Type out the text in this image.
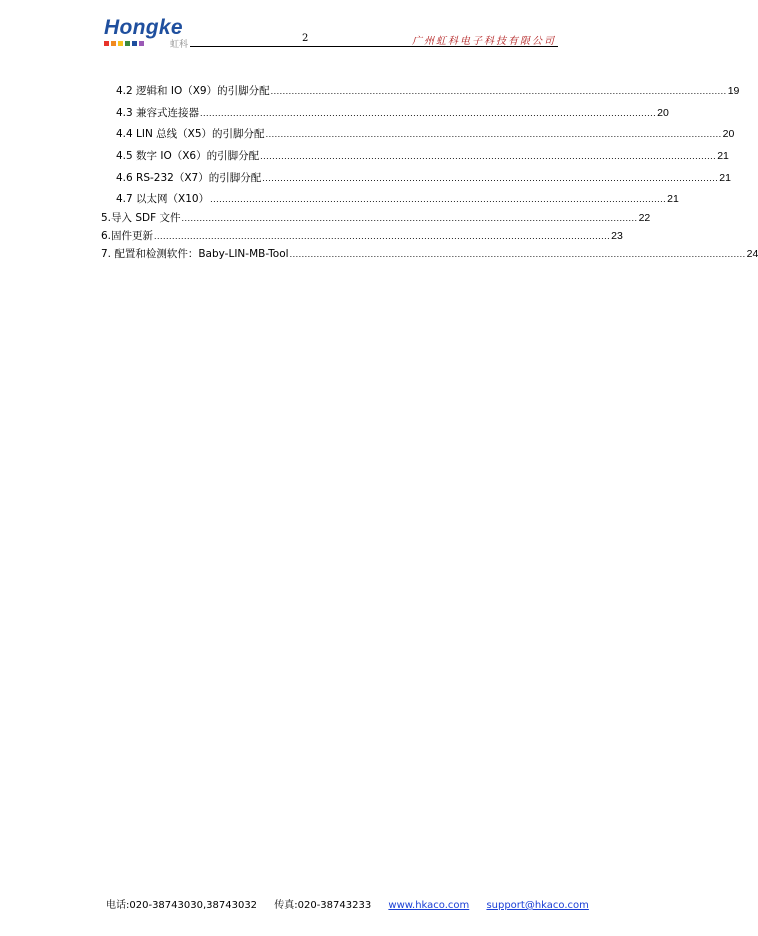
Hongke
虹科
2	广州虹科电子科技有限公司
4.2 逻辑和 IO（X9）的引脚分配 ........................................................................................................................................................ 19
4.3 兼容式连接器 ........................................................................................................................................................ 20
4.4 LIN 总线（X5）的引脚分配 ........................................................................................................................................................ 20
4.5 数字 IO（X6）的引脚分配 ........................................................................................................................................................ 21
4.6 RS-232（X7）的引脚分配 ........................................................................................................................................................ 21
4.7 以太网（X10） ........................................................................................................................................................ 21
5.导入 SDF 文件 ........................................................................................................................................................ 22
6.固件更新 ........................................................................................................................................................ 23
7. 配置和检测软件：Baby-LIN-MB-Tool ........................................................................................................................................................ 24
电话:020-38743030,38743032 传真:020-38743233 www.hkaco.com support@hkaco.com
